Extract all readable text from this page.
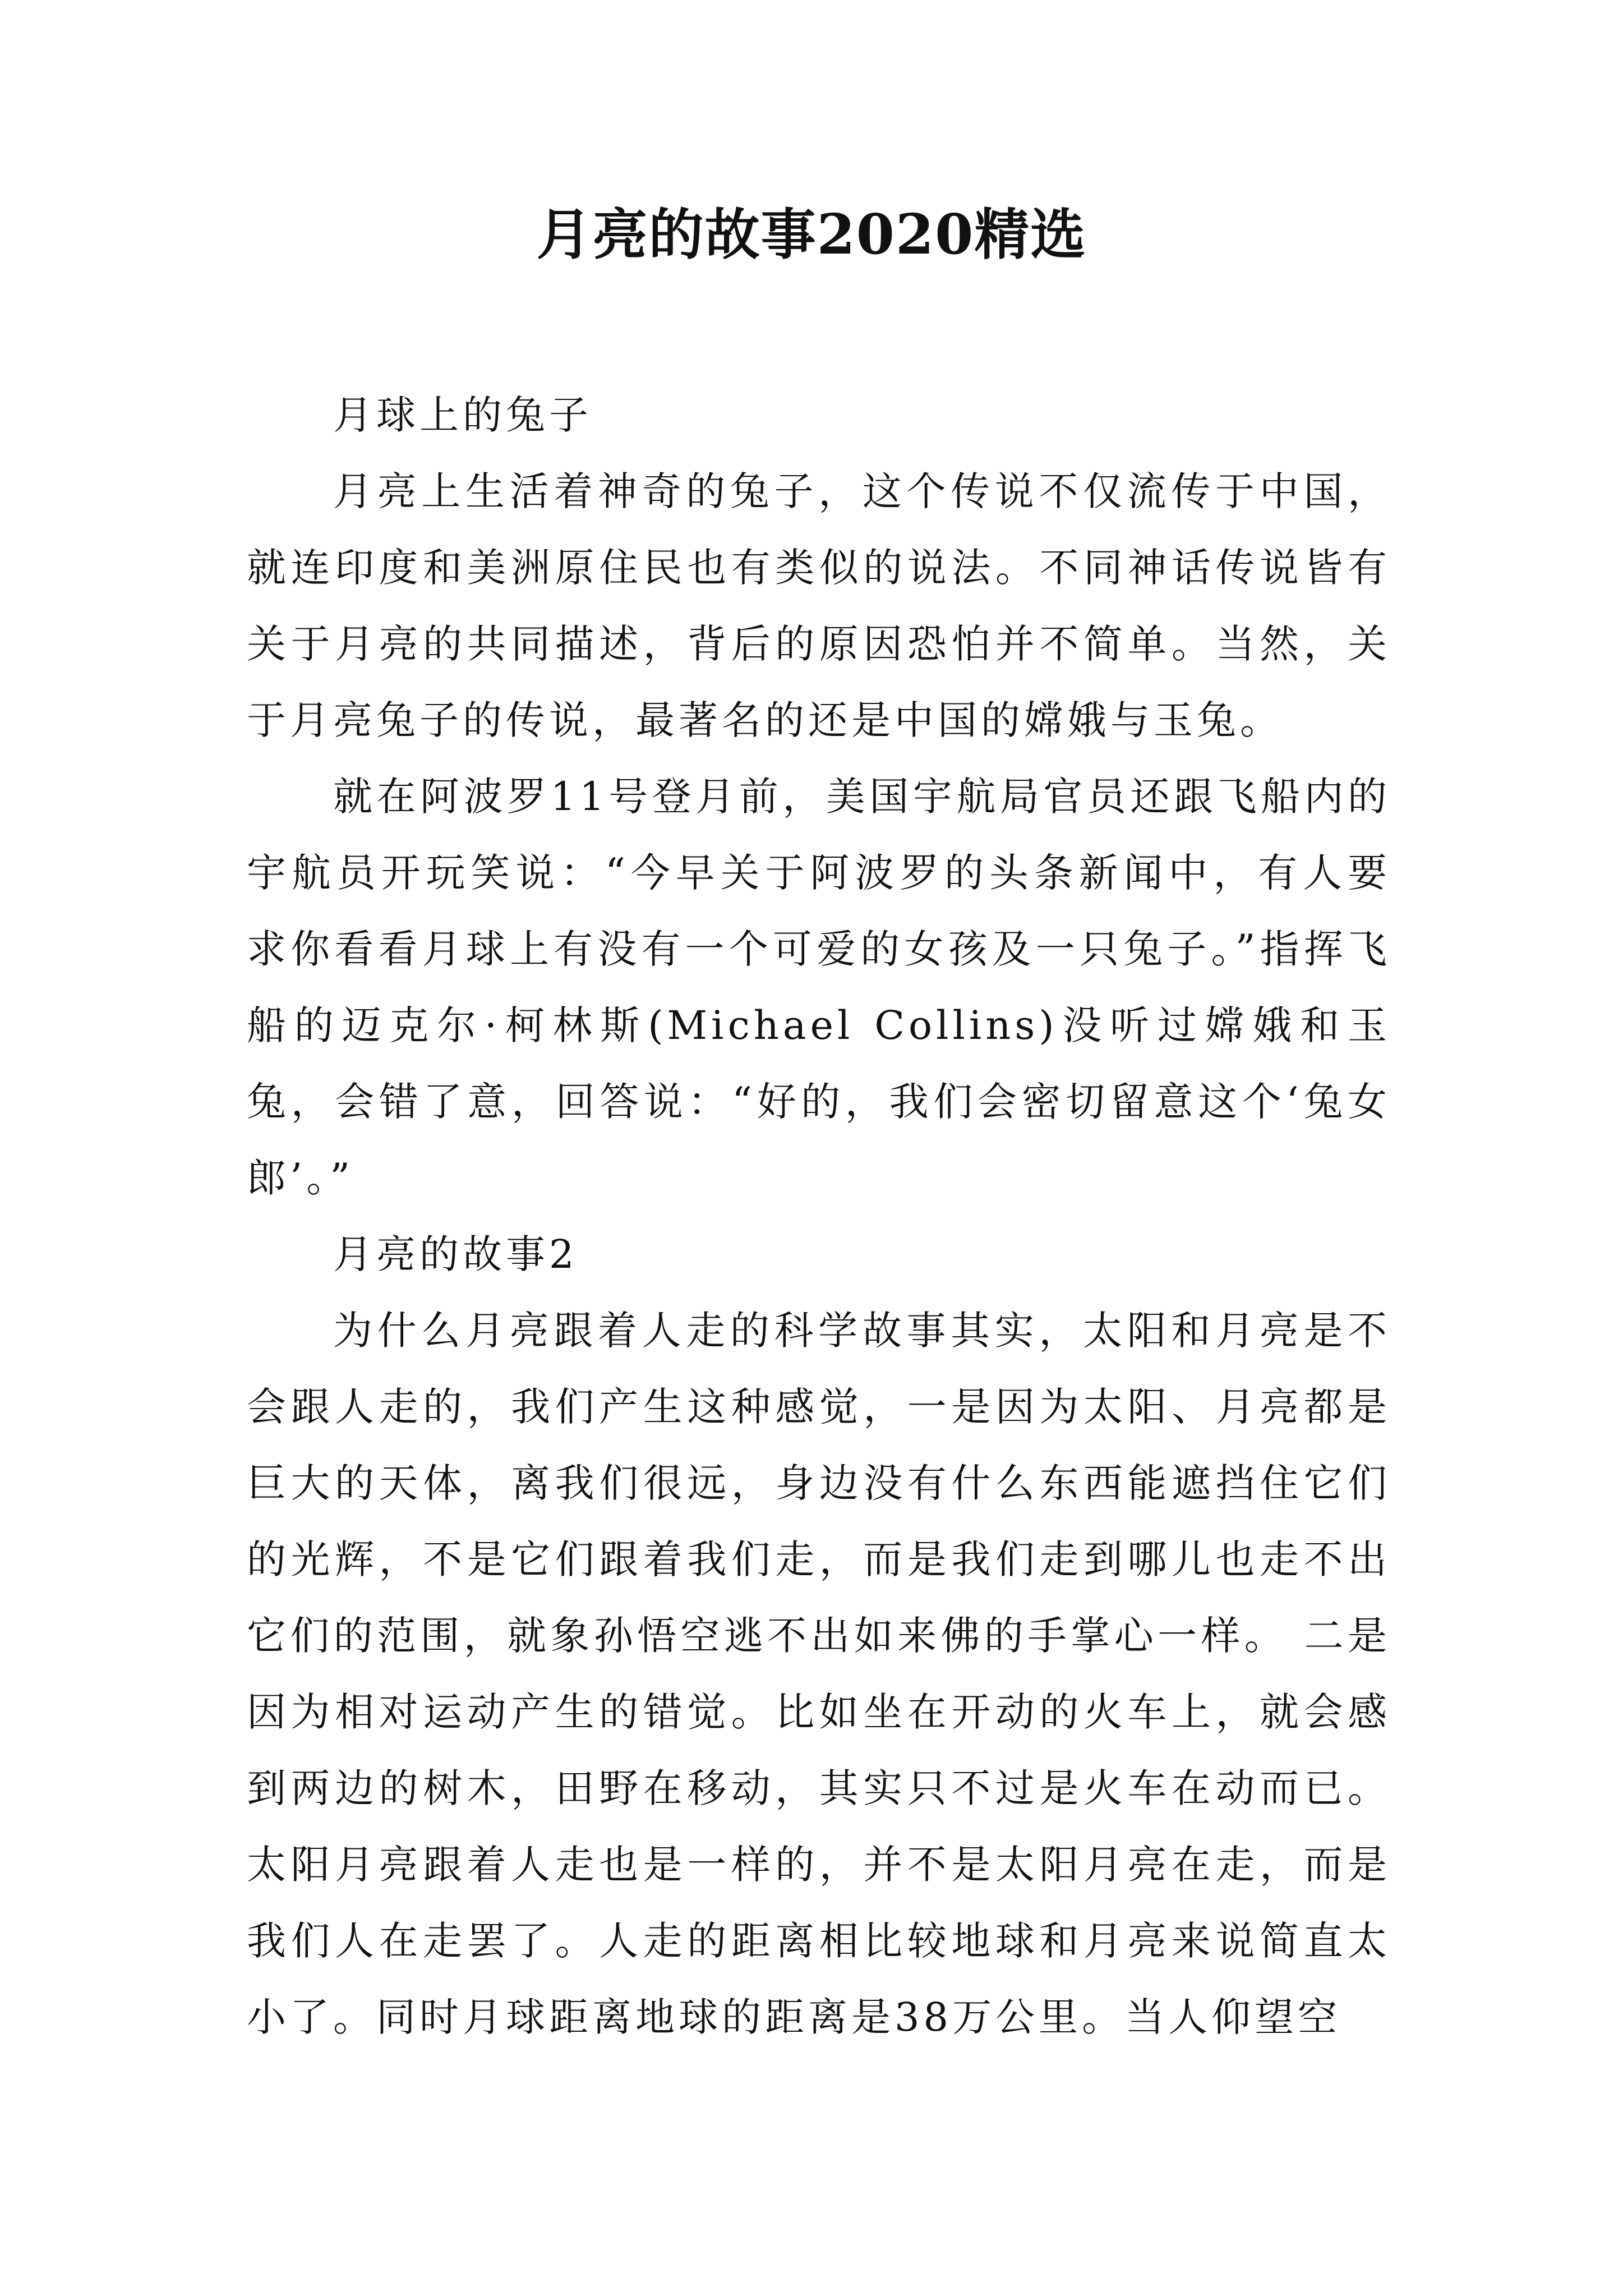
月亮的故事2020精选

月球上的兔子

月亮上生活着神奇的兔子，这个传说不仅流传于中国，就连印度和美洲原住民也有类似的说法。不同神话传说皆有关于月亮的共同描述，背后的原因恐怕并不简单。当然，关于月亮兔子的传说，最著名的还是中国的嫦娥与玉兔。

就在阿波罗11号登月前，美国宇航局官员还跟飞船内的宇航员开玩笑说：“今早关于阿波罗的头条新闻中，有人要求你看看月球上有没有一个可爱的女孩及一只兔子。”指挥飞船的迈克尔·柯林斯(Michael Collins)没听过嫦娥和玉兔，会错了意，回答说：“好的，我们会密切留意这个‘兔女郎’。”

月亮的故事2

为什么月亮跟着人走的科学故事其实，太阳和月亮是不会跟人走的，我们产生这种感觉，一是因为太阳、月亮都是巨大的天体，离我们很远，身边没有什么东西能遮挡住它们的光辉，不是它们跟着我们走，而是我们走到哪儿也走不出它们的范围，就象孙悟空逃不出如来佛的手掌心一样。 二是因为相对运动产生的错觉。比如坐在开动的火车上，就会感到两边的树木，田野在移动，其实只不过是火车在动而已。太阳月亮跟着人走也是一样的，并不是太阳月亮在走，而是我们人在走罢了。人走的距离相比较地球和月亮来说简直太小了。同时月球距离地球的距离是38万公里。当人仰望空
